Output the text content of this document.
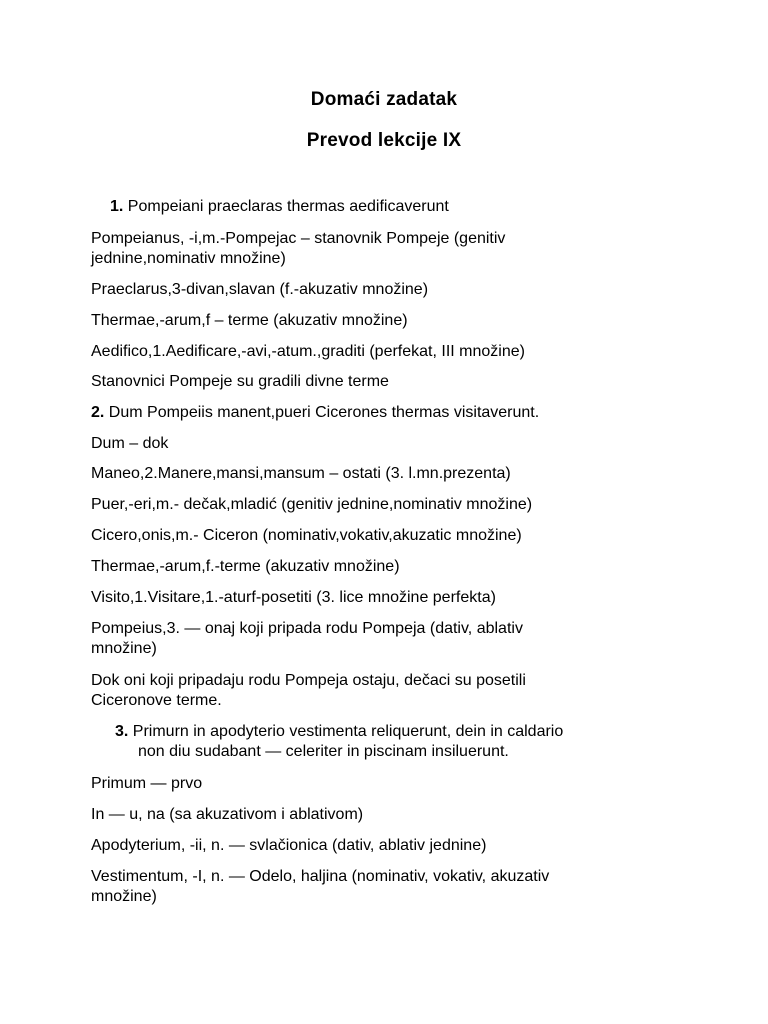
Domaći zadatak
Prevod lekcije IX
1. Pompeiani praeclaras thermas aedificaverunt
Pompeianus, -i,m.-Pompejac – stanovnik Pompeje (genitiv
jednine,nominativ množine)
Praeclarus,3-divan,slavan (f.-akuzativ množine)
Thermae,-arum,f – terme (akuzativ množine)
Aedifico,1.Aedificare,-avi,-atum.,graditi (perfekat, III množine)
Stanovnici Pompeje su gradili divne terme
2. Dum Pompeiis manent,pueri Cicerones thermas visitaverunt.
Dum – dok
Maneo,2.Manere,mansi,mansum – ostati (3. l.mn.prezenta)
Puer,-eri,m.- dečak,mladić (genitiv jednine,nominativ množine)
Cicero,onis,m.- Ciceron (nominativ,vokativ,akuzatic množine)
Thermae,-arum,f.-terme (akuzativ množine)
Visito,1.Visitare,1.-aturf-posetiti (3. lice množine perfekta)
Pompeius,3. — onaj koji pripada rodu Pompeja (dativ, ablativ
množine)
Dok oni koji pripadaju rodu Pompeja ostaju, dečaci su posetili
Ciceronove terme.
3. Primurn in apodyterio vestimenta reliquerunt, dein in caldario
non diu sudabant — celeriter in piscinam insiluerunt.
Primum — prvo
In — u, na (sa akuzativom i ablativom)
Apodyterium, -ii, n. — svlačionica (dativ, ablativ jednine)
Vestimentum, -I, n. — Odelo, haljina (nominativ, vokativ, akuzativ
množine)
